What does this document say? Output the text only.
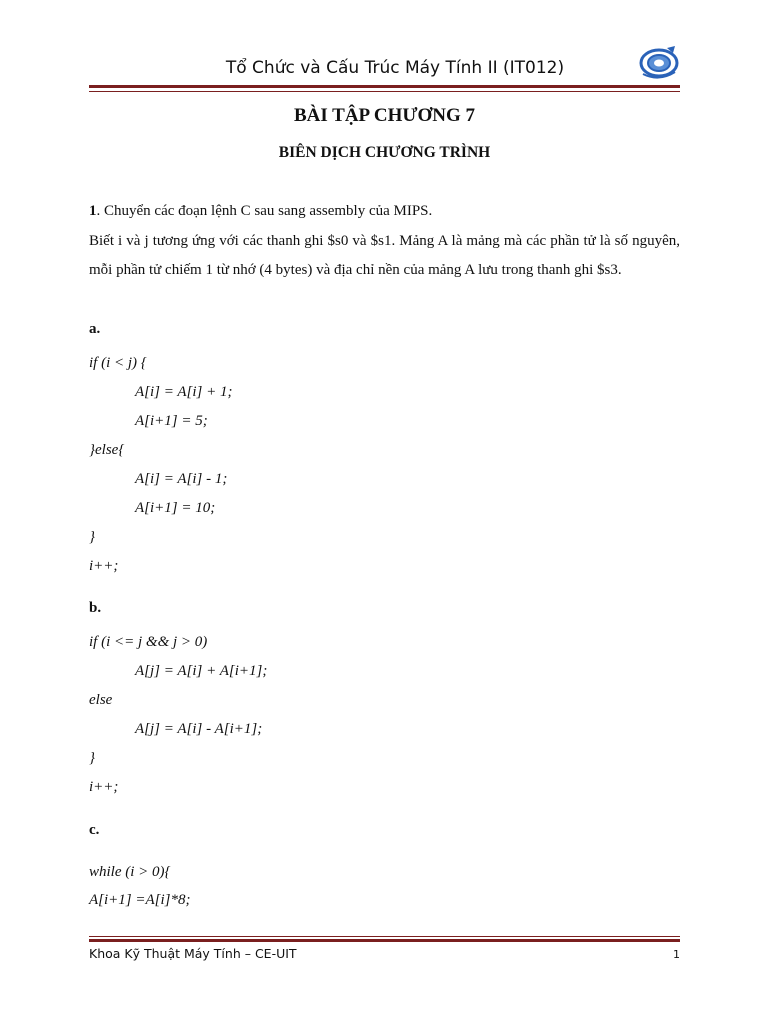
Tổ Chức và Cấu Trúc Máy Tính II (IT012)
BÀI TẬP CHƯƠNG 7
BIÊN DỊCH CHƯƠNG TRÌNH
1. Chuyển các đoạn lệnh C sau sang assembly của MIPS.
Biết i và j tương ứng với các thanh ghi $s0 và $s1. Mảng A là mảng mà các phần tử là số nguyên, mỗi phần tử chiếm 1 từ nhớ (4 bytes) và địa chỉ nền của mảng A lưu trong thanh ghi $s3.
a.
if (i < j) {
A[i] = A[i] + 1;
A[i+1] = 5;
}else{
A[i] = A[i] - 1;
A[i+1] = 10;
}
i++;
b.
if (i <= j && j > 0)
A[j] = A[i] + A[i+1];
else
A[j] = A[i] - A[i+1];
}
i++;
c.
while (i > 0){
A[i+1] =A[i]*8;
Khoa Kỹ Thuật Máy Tính – CE-UIT	1
